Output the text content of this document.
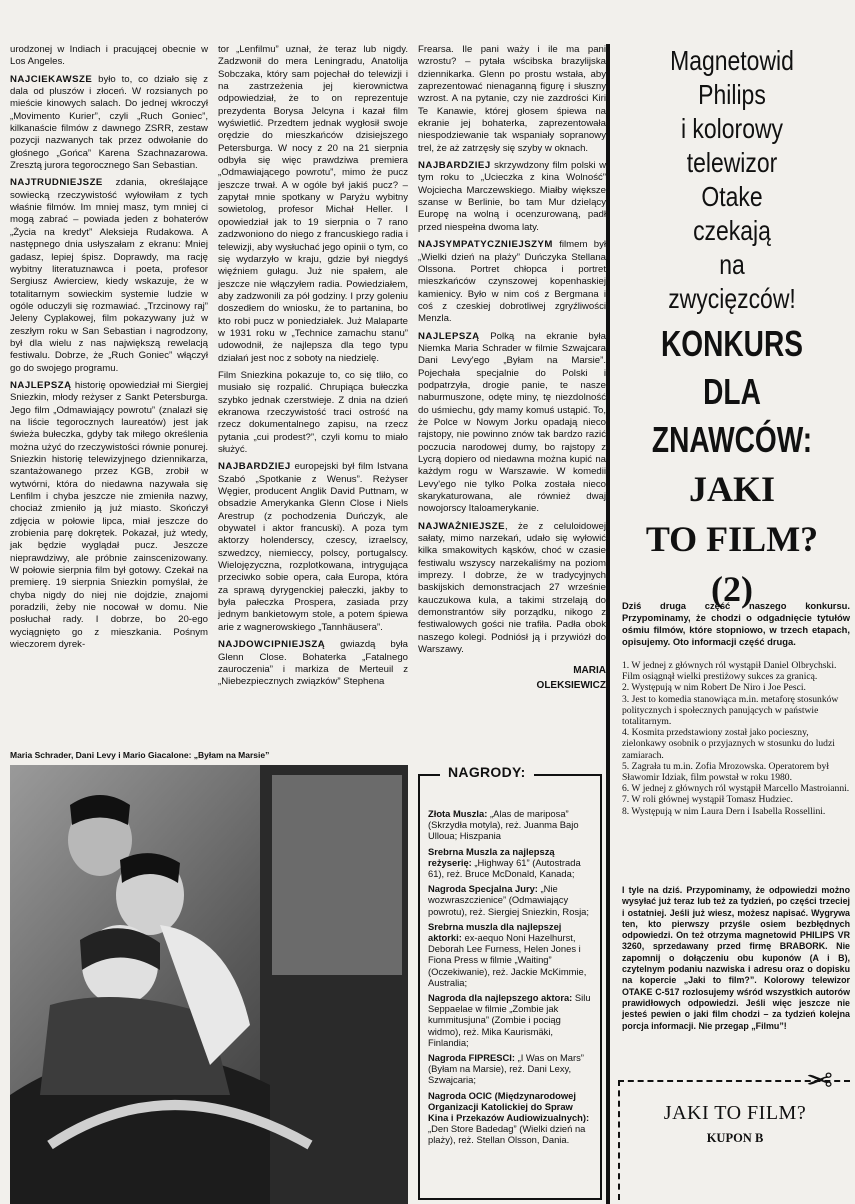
urodzonej w Indiach i pracującej obecnie w Los Angeles.

NAJCIEKAWSZE było to, co działo się z dala od pluszów i złoceń. W rozsianych po mieście kinowych salach. Do jednej wkroczył „Movimento Kurier”, czyli „Ruch Goniec”, kilkanaście filmów z dawnego ZSRR, zestaw pozycji nazwanych tak przez odwołanie do głośnego „Gońca” Karena Szachnazarowa. Zresztą jurora tegorocznego San Sebastian.

NAJTRUDNIEJSZE zdania, określające sowiecką rzeczywistość wyłowiłam z tych właśnie filmów. Im mniej masz, tym mniej ci mogą zabrać – powiada jeden z bohaterów „Życia na kredyt” Aleksieja Rudakowa. A następnego dnia usłyszałam z ekranu: Mniej gadasz, lepiej śpisz. Doprawdy, ma rację wybitny literatuznawca i poeta, profesor Sergiusz Awierciew, kiedy wskazuje, że w totalitarnym sowieckim systemie ludzie w ogóle oduczyli się rozmawiać. „Trzcinowy raj” Jeleny Cyplakowej, film pokazywany już w zeszłym roku w San Sebastian i nagrodzony, był dla wielu z nas największą rewelacją festiwalu. Dobrze, że „Ruch Goniec” włączył go do swojego programu.

NAJLEPSZĄ historię opowiedział mi Siergiej Sniezkin, młody reżyser z Sankt Petersburga. Jego film „Odmawiający powrotu” (znalazł się na liście tegorocznych laureatów) jest jak świeża bułeczka, gdyby tak miłego określenia można użyć do rzeczywistości równie ponurej. Sniezkin historię telewizyjnego dziennikarza, szantażowanego przez KGB, zrobił w wytwórni, która do niedawna nazywała się Lenfilm i chyba jeszcze nie zmieniła nazwy, chociaż zmieniło ją już miasto. Skończył zdjęcia w połowie lipca, miał jeszcze do zrobienia parę dokrętek. Pokazał, już wtedy, jak będzie wyglądał pucz. Jeszcze nieprawdziwy, ale próbnie zainscenizowany. W połowie sierpnia film był gotowy. Czekał na premierę. 19 sierpnia Sniezkin pomyślał, że chyba nigdy do niej nie dojdzie, znajomi poradzili, żeby nie nocował w domu. Nie posłuchał rady. I dobrze, bo 20-ego wyciągnięto go z mieszkania. Pośnym wieczorem dyrek-

tor „Lenfilmu” uznał, że teraz lub nigdy. Zadzwonił do mera Leningradu, Anatolija Sobczaka, który sam pojechał do telewizji i na zastrzeżenia jej kierownictwa odpowiedział, że to on reprezentuje prezydenta Borysa Jelcyna i kazał film wyświetlić. Przedtem jednak wygłosił swoje orędzie do mieszkańców dzisiejszego Petersburga. W nocy z 20 na 21 sierpnia odbyła się więc prawdziwa premiera „Odmawiającego powrotu”, mimo że pucz jeszcze trwał. A w ogóle był jakiś pucz? – zapytał mnie spotkany w Paryżu wybitny sowietolog, profesor Michał Heller. I opowiedział jak to 19 sierpnia o 7 rano zadzwoniono do niego z francuskiego radia i telewizji, aby wysłuchać jego opinii o tym, co się wydarzyło w kraju, gdzie był niegdyś więźniem gułagu. Już nie spałem, ale jeszcze nie włączyłem radia. Powiedziałem, aby zadzwonili za pół godziny. I przy goleniu doszedłem do wniosku, że to partanina, bo kto robi pucz w poniedziałek. Już Malaparte w 1931 roku w „Technice zamachu stanu” udowodnił, że najlepsza dla tego typu działań jest noc z soboty na niedzielę.

Film Sniezkina pokazuje to, co się tliło, co musiało się rozpalić. Chrupiąca bułeczka szybko jednak czerstwieje. Z dnia na dzień ekranowa rzeczywistość traci ostrość na rzecz dokumentalnego zapisu, na rzecz pytania „cui prodest?”, czyli komu to miało służyć.

NAJBARDZIEJ europejski był film Istvana Szabó „Spotkanie z Wenus”. Reżyser Węgier, producent Anglik David Puttnam, w obsadzie Amerykanka Glenn Close i Niels Arestrup (z pochodzenia Duńczyk, ale obywatel i aktor francuski). A poza tym aktorzy holenderscy, czescy, izraelscy, szwedzcy, niemieccy, polscy, portugalscy. Wielojęzyczna, rozplotkowana, intrygująca przeciwko sobie opera, cała Europa, która za sprawą dyrygenckiej pałeczki, jakby to była pałeczka Prospera, zasiada przy jednym bankietowym stole, a potem śpiewa arie z wagnerowskiego „Tannhäusera”.

NAJDOWCIPNIEJSZĄ gwiazdą była Glenn Close. Bohaterka „Fatalnego zauroczenia” i markiza de Merteuil z „Niebezpiecznych związków” Stephena

Frearsa. Ile pani waży i ile ma pani wzrostu? – pytała wścibska brazylijska dziennikarka. Glenn po prostu wstała, aby zaprezentować nienaganną figurę i słuszny wzrost. A na pytanie, czy nie zazdrości Kiri Te Kanawie, której głosem śpiewa na ekranie jej bohaterka, zaprezentowała niespodziewanie tak wspaniały sopranowy trel, że aż zatrzęsły się szyby w oknach.

NAJBARDZIEJ skrzywdzony film polski w tym roku to „Ucieczka z kina Wolność” Wojciecha Marczewskiego. Miałby większe szanse w Berlinie, bo tam Mur dzielący Europę na wolną i ocenzurowaną, padł przed niespełna dwoma laty.

NAJSYMPATYCZNIEJSZYM filmem był „Wielki dzień na plaży” Duńczyka Stellana Olssona. Portret chłopca i portret mieszkańców czynszowej kopenhaskiej kamienicy. Było w nim coś z Bergmana i coś z czeskiej dobrotliwej zgryźliwości Menzla.

NAJLEPSZĄ Polką na ekranie była Niemka Maria Schrader w filmie Szwajcara Dani Levy'ego „Byłam na Marsie”. Pojechała specjalnie do Polski i podpatrzyła, drogie panie, te nasze naburmuszone, odęte miny, tę niezdolność do uśmiechu, gdy mamy komuś ustąpić. To, że Polce w Nowym Jorku opadają nieco rajstopy, nie powinno znów tak bardzo razić poczucia narodowej dumy, bo rajstopy z Lycrą dopiero od niedawna można kupić na każdym rogu w Warszawie. W komedii Levy'ego nie tylko Polka została nieco skarykaturowana, ale również dwaj nowojorscy Italoamerykanie.

NAJWAŻNIEJSZE, że z celuloidowej sałaty, mimo narzekań, udało się wyłowić kilka smakowitych kąsków, choć w czasie festiwalu wszyscy narzekaliśmy na poziom imprezy. I dobrze, że w tradycyjnych baskijskich demonstracjach 27 wrześnie kauczukowa kula, a takimi strzelają do demonstrantów siły porządku, nikogo z festiwalowych gości nie trafiła. Padła obok naszego kolegi. Podniósł ją i przywiózł do Warszawy.

MARIA
OLEKSIEWICZ
Maria Schrader, Dani Levy i Mario Giacalone: „Byłam na Marsie”
NAGRODY:
Złota Muszla: „Alas de mariposa” (Skrzydła motyla), reż. Juanma Bajo Ulloua; Hiszpania
Srebrna Muszla za najlepszą reżyserię: „Highway 61” (Autostrada 61), reż. Bruce McDonald, Kanada;
Nagroda Specjalna Jury: „Nie wozwraszczienice” (Odmawiający powrotu), reż. Siergiej Sniezkin, Rosja;
Srebrna muszla dla najlepszej aktorki: ex-aequo Noni Hazelhurst, Deborah Lee Furness, Helen Jones i Fiona Press w filmie „Waiting” (Oczekiwanie), reż. Jackie McKimmie, Australia;
Nagroda dla najlepszego aktora: Silu Seppaelae w filmie „Zombie jak kummitusjuna” (Zombie i pociąg widmo), reż. Mika Kaurismäki, Finlandia;
Nagroda FIPRESCI: „I Was on Mars” (Byłam na Marsie), reż. Dani Lexy, Szwajcaria;
Nagroda OCIC (Międzynarodowej Organizacji Katolickiej do Spraw Kina i Przekazów Audiowizualnych): „Den Store Badedag” (Wielki dzień na plaży), reż. Stellan Olsson, Dania.
Magnetowid
Philips
i kolorowy
telewizor
Otake
czekają
na
zwycięzców!
KONKURS
DLA
ZNAWCÓW:
JAKI
TO FILM?
(2)
Dziś druga część naszego konkursu. Przypominamy, że chodzi o odgadnięcie tytułów ośmiu filmów, które stopniowo, w trzech etapach, opisujemy. Oto informacji część druga.
1. W jednej z głównych ról wystąpił Daniel Olbrychski. Film osiągnął wielki prestiżowy sukces za granicą.
2. Występują w nim Robert De Niro i Joe Pesci.
3. Jest to komedia stanowiąca m.in. metaforę stosunków politycznych i społecznych panujących w państwie totalitarnym.
4. Kosmita przedstawiony został jako pocieszny, zielonkawy osobnik o przyjaznych w stosunku do ludzi zamiarach.
5. Zagrała tu m.in. Zofia Mrozowska. Operatorem był Sławomir Idziak, film powstał w roku 1980.
6. W jednej z głównych ról wystąpił Marcello Mastroianni.
7. W roli głównej wystąpił Tomasz Hudziec.
8. Występują w nim Laura Dern i Isabella Rossellini.
I tyle na dziś. Przypominamy, że odpowiedzi możno wysyłać już teraz lub też za tydzień, po części trzeciej i ostatniej. Jeśli już wiesz, możesz napisać. Wygrywa ten, kto pierwszy przyśle osiem bezbłędnych odpowiedzi. On też otrzyma magnetowid PHILIPS VR 3260, sprzedawany przed firmę BRABORK. Nie zapomnij o dołączeniu obu kuponów (A i B), czytelnym podaniu nazwiska i adresu oraz o dopisku na kopercie „Jaki to film?”. Kolorowy telewizor OTAKE C-517 rozlosujemy wśród wszystkich autorów prawidłowych odpowiedzi. Jeśli więc jeszcze nie jesteś pewien o jaki film chodzi – za tydzień kolejna porcja informacji. Nie przegap „Filmu”!
✂
JAKI TO FILM?
KUPON B
